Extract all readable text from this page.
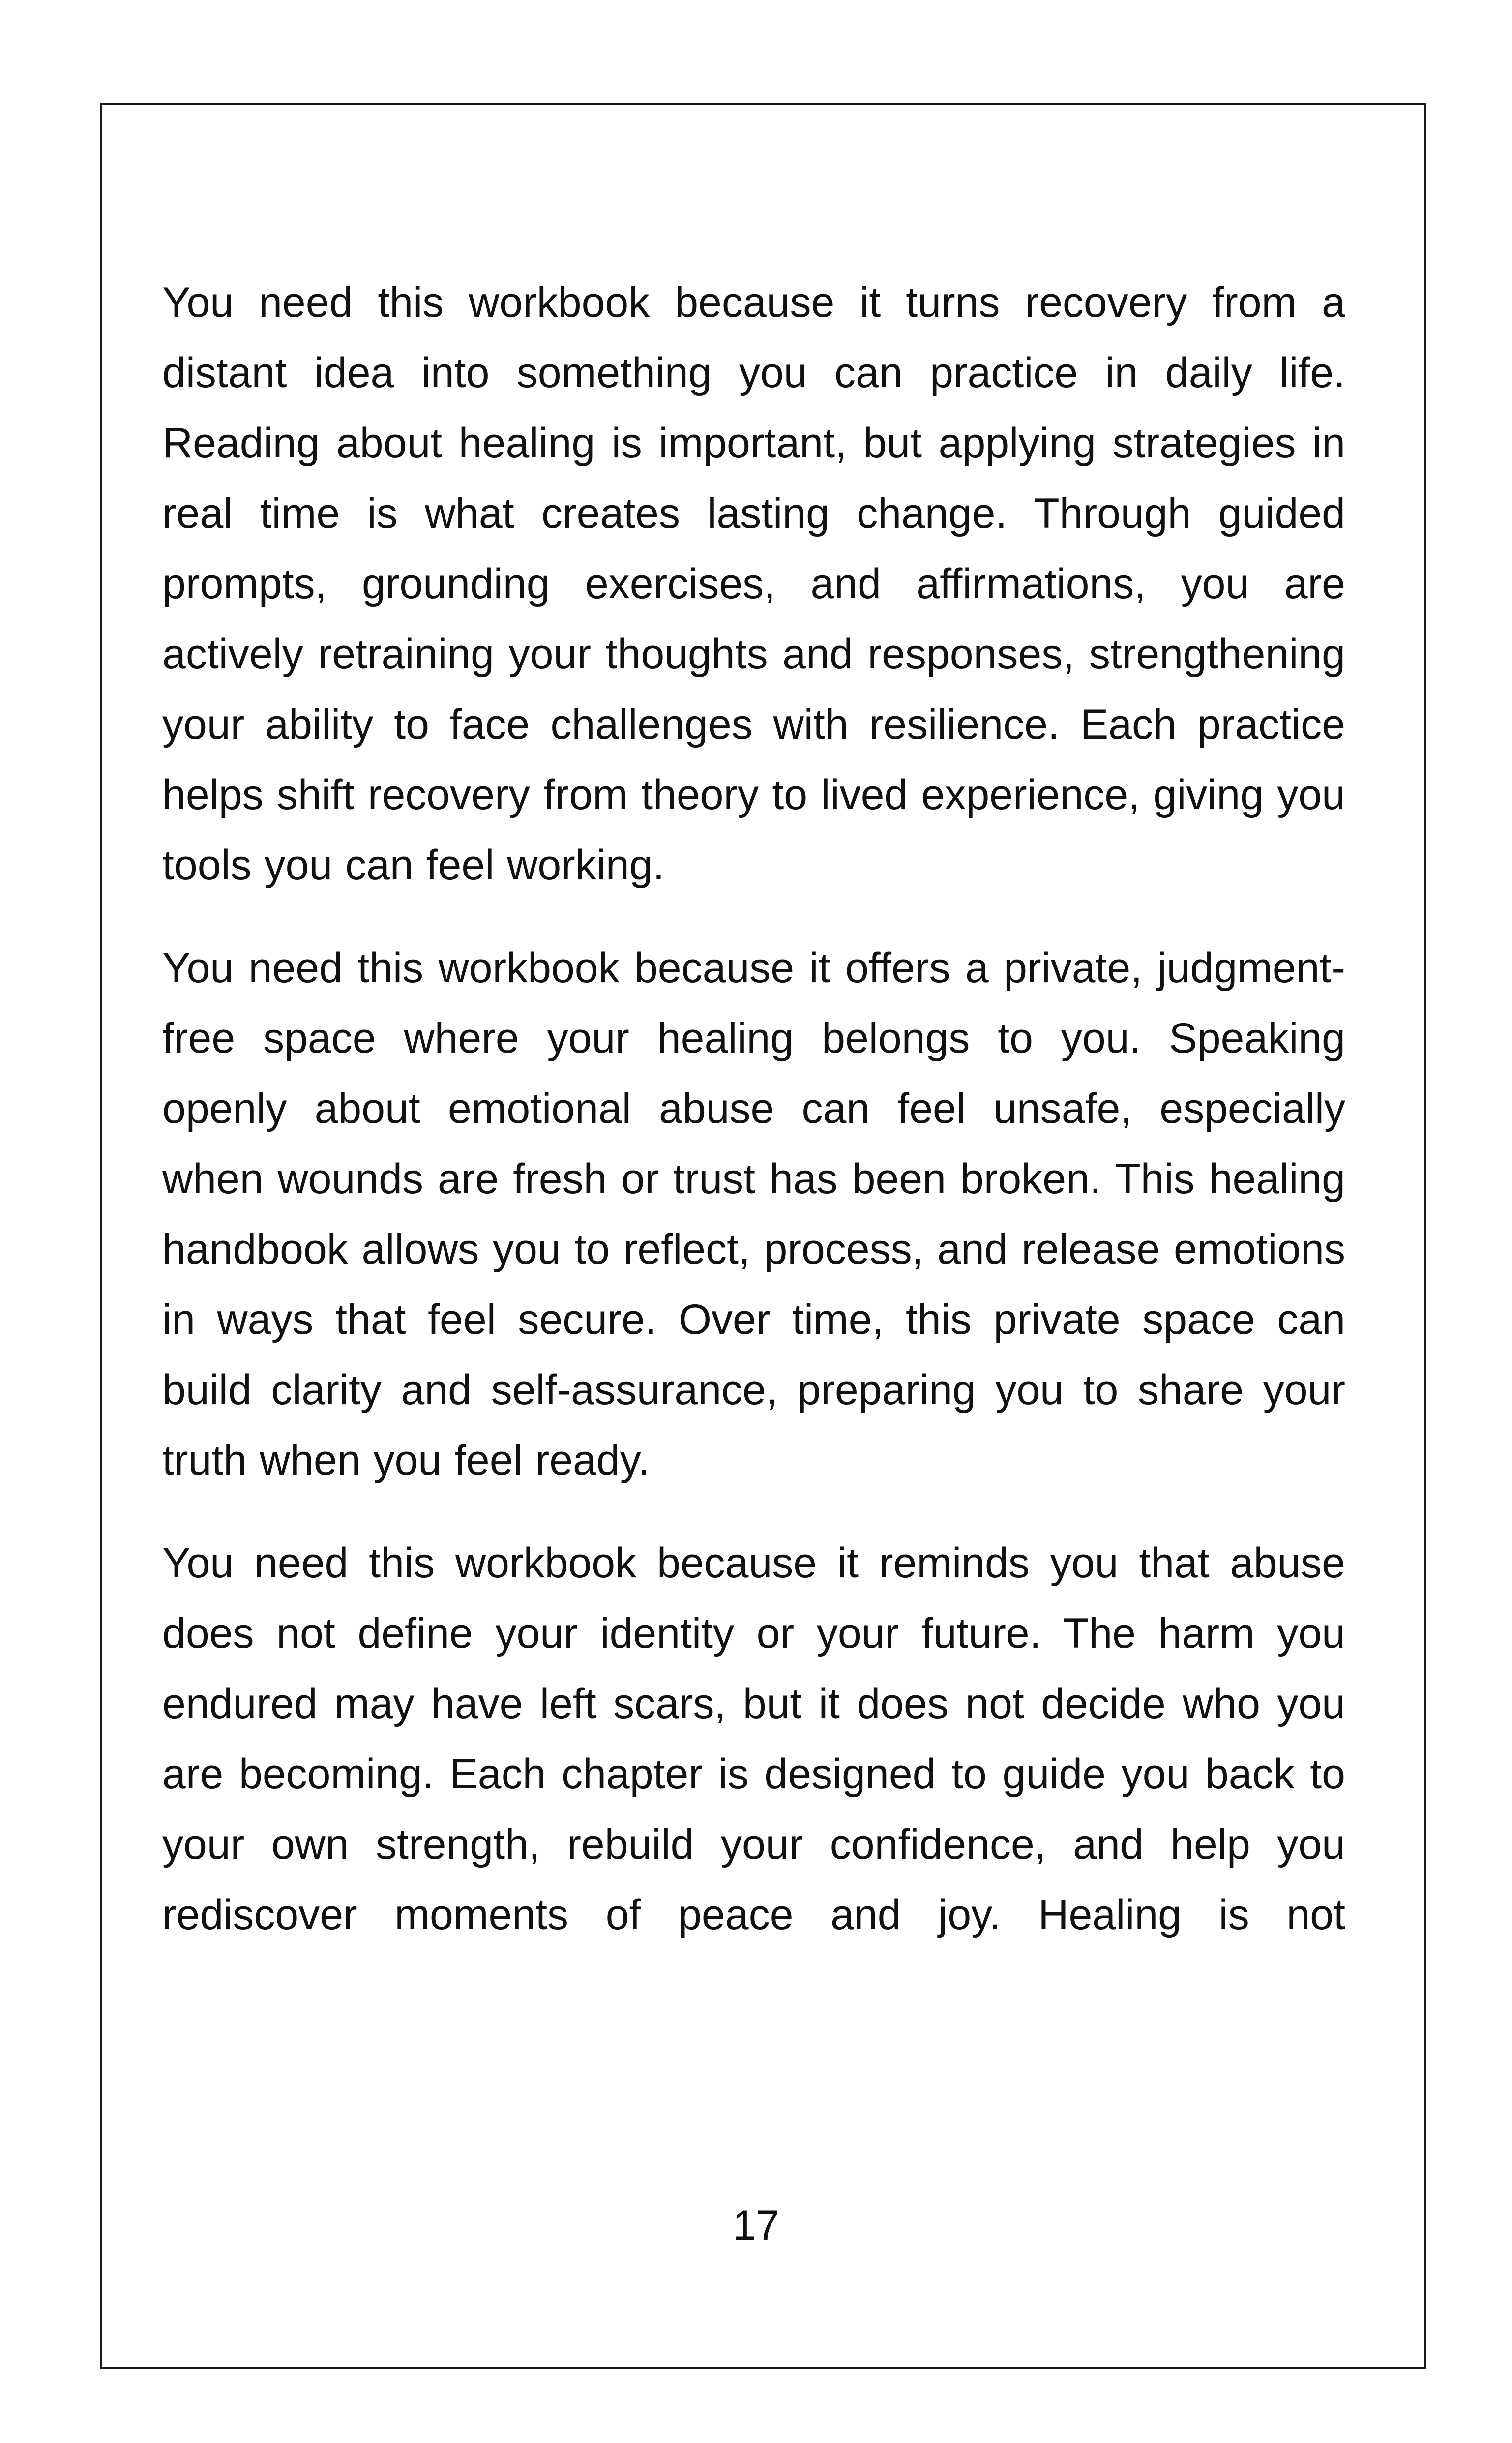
You need this workbook because it turns recovery from a distant idea into something you can practice in daily life. Reading about healing is important, but applying strategies in real time is what creates lasting change. Through guided prompts, grounding exercises, and affirmations, you are actively retraining your thoughts and responses, strengthening your ability to face challenges with resilience. Each practice helps shift recovery from theory to lived experience, giving you tools you can feel working.

You need this workbook because it offers a private, judgment-free space where your healing belongs to you. Speaking openly about emotional abuse can feel unsafe, especially when wounds are fresh or trust has been broken. This healing handbook allows you to reflect, process, and release emotions in ways that feel secure. Over time, this private space can build clarity and self-assurance, preparing you to share your truth when you feel ready.

You need this workbook because it reminds you that abuse does not define your identity or your future. The harm you endured may have left scars, but it does not decide who you are becoming. Each chapter is designed to guide you back to your own strength, rebuild your confidence, and help you rediscover moments of peace and joy. Healing is not

17
